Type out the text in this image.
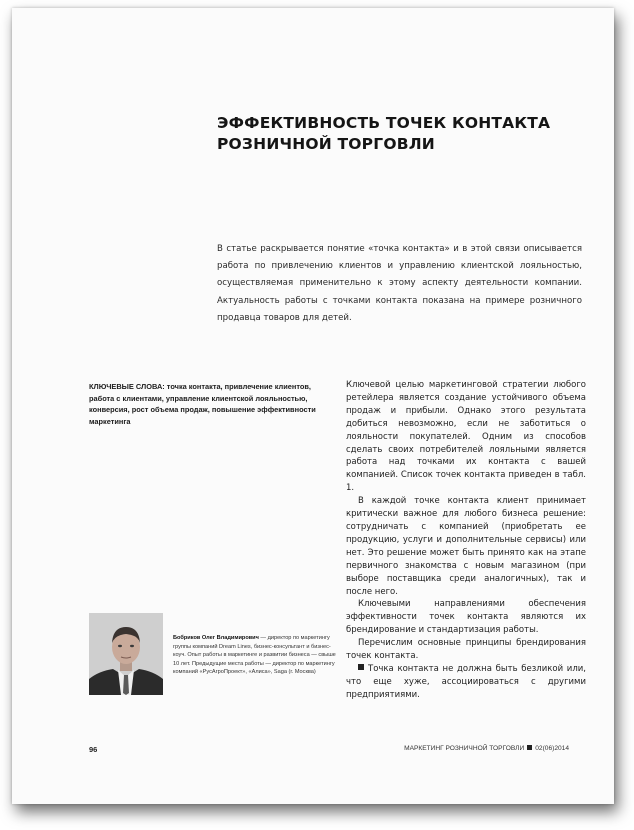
ЭФФЕКТИВНОСТЬ ТОЧЕК КОНТАКТА
РОЗНИЧНОЙ ТОРГОВЛИ

В статье раскрывается понятие «точка контакта» и в этой связи описывается работа по привлечению клиентов и управлению клиентской лояльностью, осуществляемая применительно к этому аспекту деятельности компании. Актуальность работы с точками контакта показана на примере розничного продавца товаров для детей.

КЛЮЧЕВЫЕ СЛОВА: точка контакта, привлечение клиентов, работа с клиентами, управление клиентской лояльностью, конверсия, рост объема продаж, повышение эффективности маркетинга

Ключевой целью маркетинговой стратегии любого ретейлера является создание устойчивого объема продаж и прибыли. Однако этого результата добиться невозможно, если не заботиться о лояльности покупателей. Одним из способов сделать своих потребителей лояльными является работа над точками их контакта с вашей компанией. Список точек контакта приведен в табл. 1.

В каждой точке контакта клиент принимает критически важное для любого бизнеса решение: сотрудничать с компанией (приобретать ее продукцию, услуги и дополнительные сервисы) или нет. Это решение может быть принято как на этапе первичного знакомства с новым магазином (при выборе поставщика среди аналогичных), так и после него.

Ключевыми направлениями обеспечения эффективности точек контакта являются их брендирование и стандартизация работы.

Перечислим основные принципы брендирования точек контакта.

Точка контакта не должна быть безликой или, что еще хуже, ассоциироваться с другими предприятиями.

Бобриков Олег Владимирович — директор по маркетингу группы компаний Dream Lines, бизнес-консультант и бизнес-коуч. Опыт работы в маркетинге и развитии бизнеса — свыше 10 лет. Предыдущие места работы — директор по маркетингу компаний «РусАгроПроект», «Алиса», Saga (г. Москва)

96	МАРКЕТИНГ РОЗНИЧНОЙ ТОРГОВЛИ 02(06)2014
